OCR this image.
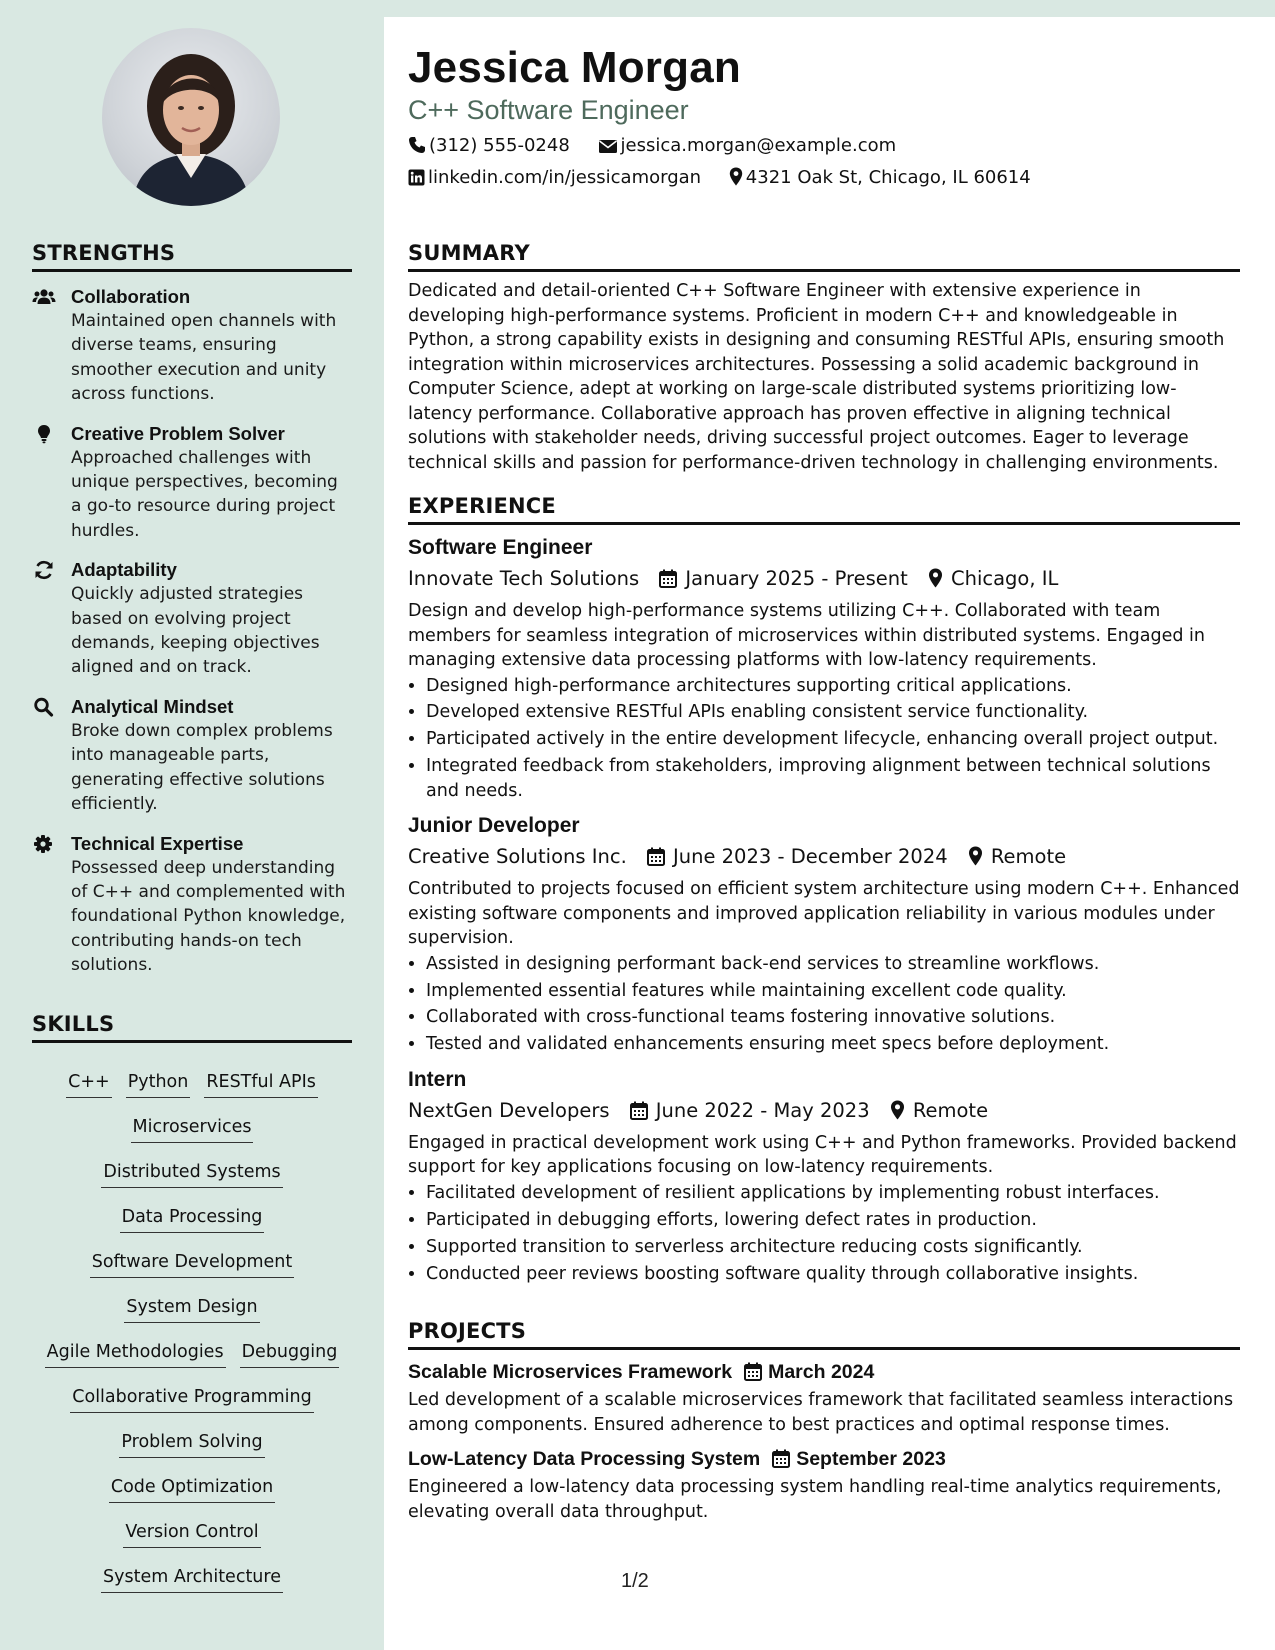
STRENGTHS
Collaboration
Maintained open channels with diverse teams, ensuring smoother execution and unity across functions.
Creative Problem Solver
Approached challenges with unique perspectives, becoming a go-to resource during project hurdles.
Adaptability
Quickly adjusted strategies based on evolving project demands, keeping objectives aligned and on track.
Analytical Mindset
Broke down complex problems into manageable parts, generating effective solutions efficiently.
Technical Expertise
Possessed deep understanding of C++ and complemented with foundational Python knowledge, contributing hands-on tech solutions.
SKILLS
C++ Python RESTful APIs
MicroservicesDistributed Systems
Data Processing
Software Development
System Design
Agile Methodologies Debugging
Collaborative Programming
Problem Solving
Code OptimizationVersion Control
System Architecture
Jessica Morgan
C++ Software Engineer
(312) 555-0248	jessica.morgan@example.com
linkedin.com/in/jessicamorgan 4321 Oak St, Chicago, IL 60614
SUMMARY

Dedicated and detail-oriented C++ Software Engineer with extensive experience in developing high-performance systems. Proficient in modern C++ and knowledgeable in Python, a strong capability exists in designing and consuming RESTful APIs, ensuring smooth integration within microservices architectures. Possessing a solid academic background in Computer Science, adept at working on large-scale distributed systems prioritizing low-latency performance. Collaborative approach has proven effective in aligning technical solutions with stakeholder needs, driving successful project outcomes. Eager to leverage technical skills and passion for performance-driven technology in challenging environments.

EXPERIENCE
Software Engineer
Innovate Tech Solutions January 2025 - Present Chicago, IL

Design and develop high-performance systems utilizing C++. Collaborated with team members for seamless integration of microservices within distributed systems. Engaged in managing extensive data processing platforms with low-latency requirements.

• Designed high-performance architectures supporting critical applications.
• Developed extensive RESTful APIs enabling consistent service functionality.
• Participated actively in the entire development lifecycle, enhancing overall project output.
• Integrated feedback from stakeholders, improving alignment between technical solutions and needs.
Junior Developer
Creative Solutions Inc. June 2023 - December 2024 Remote

Contributed to projects focused on efficient system architecture using modern C++. Enhanced existing software components and improved application reliability in various modules under supervision.

• Assisted in designing performant back-end services to streamline workflows.
• Implemented essential features while maintaining excellent code quality.
• Collaborated with cross-functional teams fostering innovative solutions.
• Tested and validated enhancements ensuring meet specs before deployment.
Intern
NextGen Developers June 2022 - May 2023 Remote

Engaged in practical development work using C++ and Python frameworks. Provided backend support for key applications focusing on low-latency requirements.

• Facilitated development of resilient applications by implementing robust interfaces.
• Participated in debugging efforts, lowering defect rates in production.
• Supported transition to serverless architecture reducing costs significantly.
• Conducted peer reviews boosting software quality through collaborative insights.
PROJECTS
Scalable Microservices Framework March 2024

Led development of a scalable microservices framework that facilitated seamless interactions among components. Ensured adherence to best practices and optimal response times.

Low-Latency Data Processing System September 2023

Engineered a low-latency data processing system handling real-time analytics requirements, elevating overall data throughput.

1/2
